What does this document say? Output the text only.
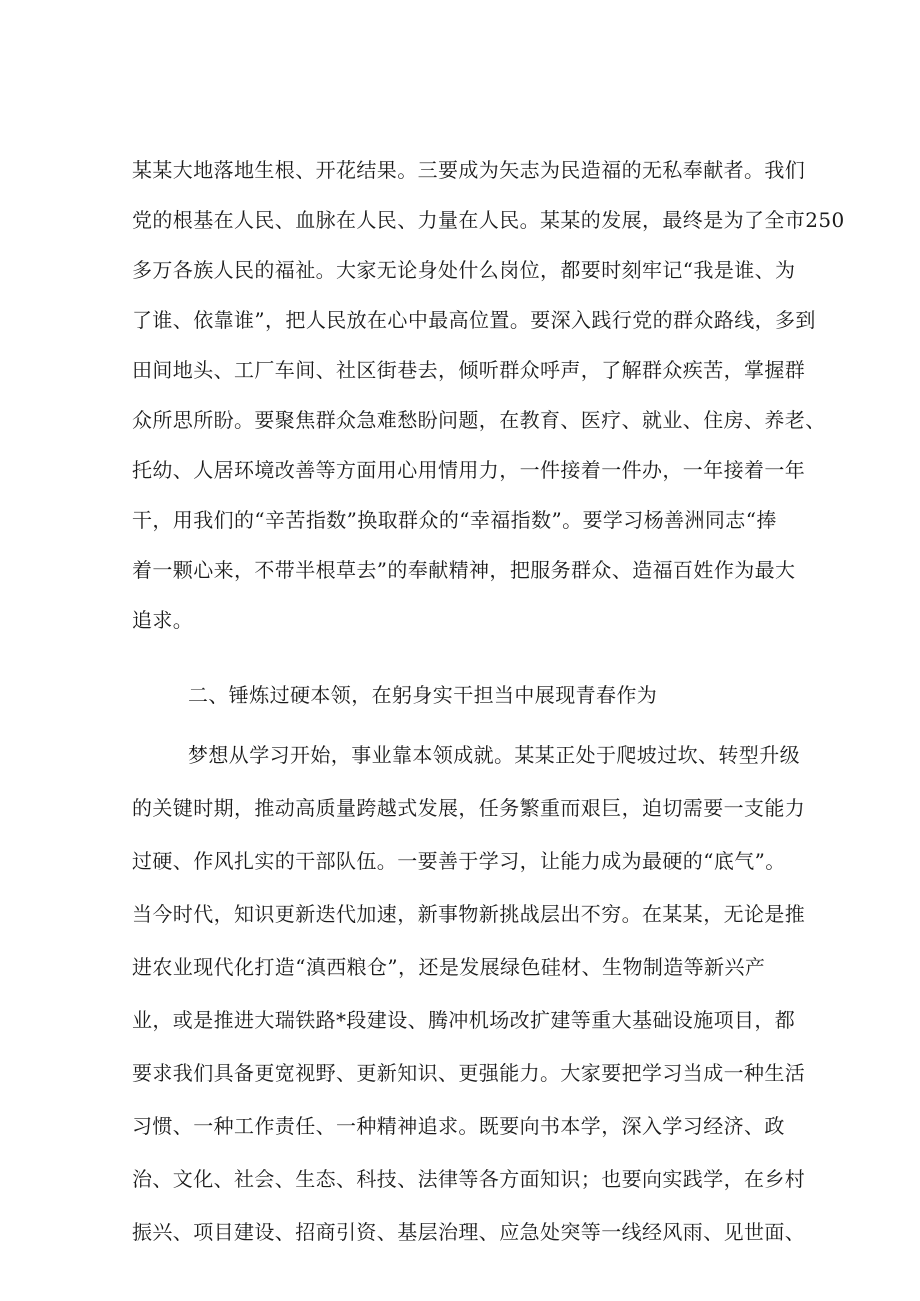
某某大地落地生根、开花结果。三要成为矢志为民造福的无私奉献者。我们
党的根基在人民、血脉在人民、力量在人民。某某的发展，最终是为了全市250
多万各族人民的福祉。大家无论身处什么岗位，都要时刻牢记“我是谁、为
了谁、依靠谁”，把人民放在心中最高位置。要深入践行党的群众路线，多到
田间地头、工厂车间、社区街巷去，倾听群众呼声，了解群众疾苦，掌握群
众所思所盼。要聚焦群众急难愁盼问题，在教育、医疗、就业、住房、养老、
托幼、人居环境改善等方面用心用情用力，一件接着一件办，一年接着一年
干，用我们的“辛苦指数”换取群众的“幸福指数”。要学习杨善洲同志“捧
着一颗心来，不带半根草去”的奉献精神，把服务群众、造福百姓作为最大
追求。
二、锤炼过硬本领，在躬身实干担当中展现青春作为
梦想从学习开始，事业靠本领成就。某某正处于爬坡过坎、转型升级
的关键时期，推动高质量跨越式发展，任务繁重而艰巨，迫切需要一支能力
过硬、作风扎实的干部队伍。一要善于学习，让能力成为最硬的“底气”。
当今时代，知识更新迭代加速，新事物新挑战层出不穷。在某某，无论是推
进农业现代化打造“滇西粮仓”，还是发展绿色硅材、生物制造等新兴产
业，或是推进大瑞铁路*段建设、腾冲机场改扩建等重大基础设施项目，都
要求我们具备更宽视野、更新知识、更强能力。大家要把学习当成一种生活
习惯、一种工作责任、一种精神追求。既要向书本学，深入学习经济、政
治、文化、社会、生态、科技、法律等各方面知识；也要向实践学，在乡村
振兴、项目建设、招商引资、基层治理、应急处突等一线经风雨、见世面、
